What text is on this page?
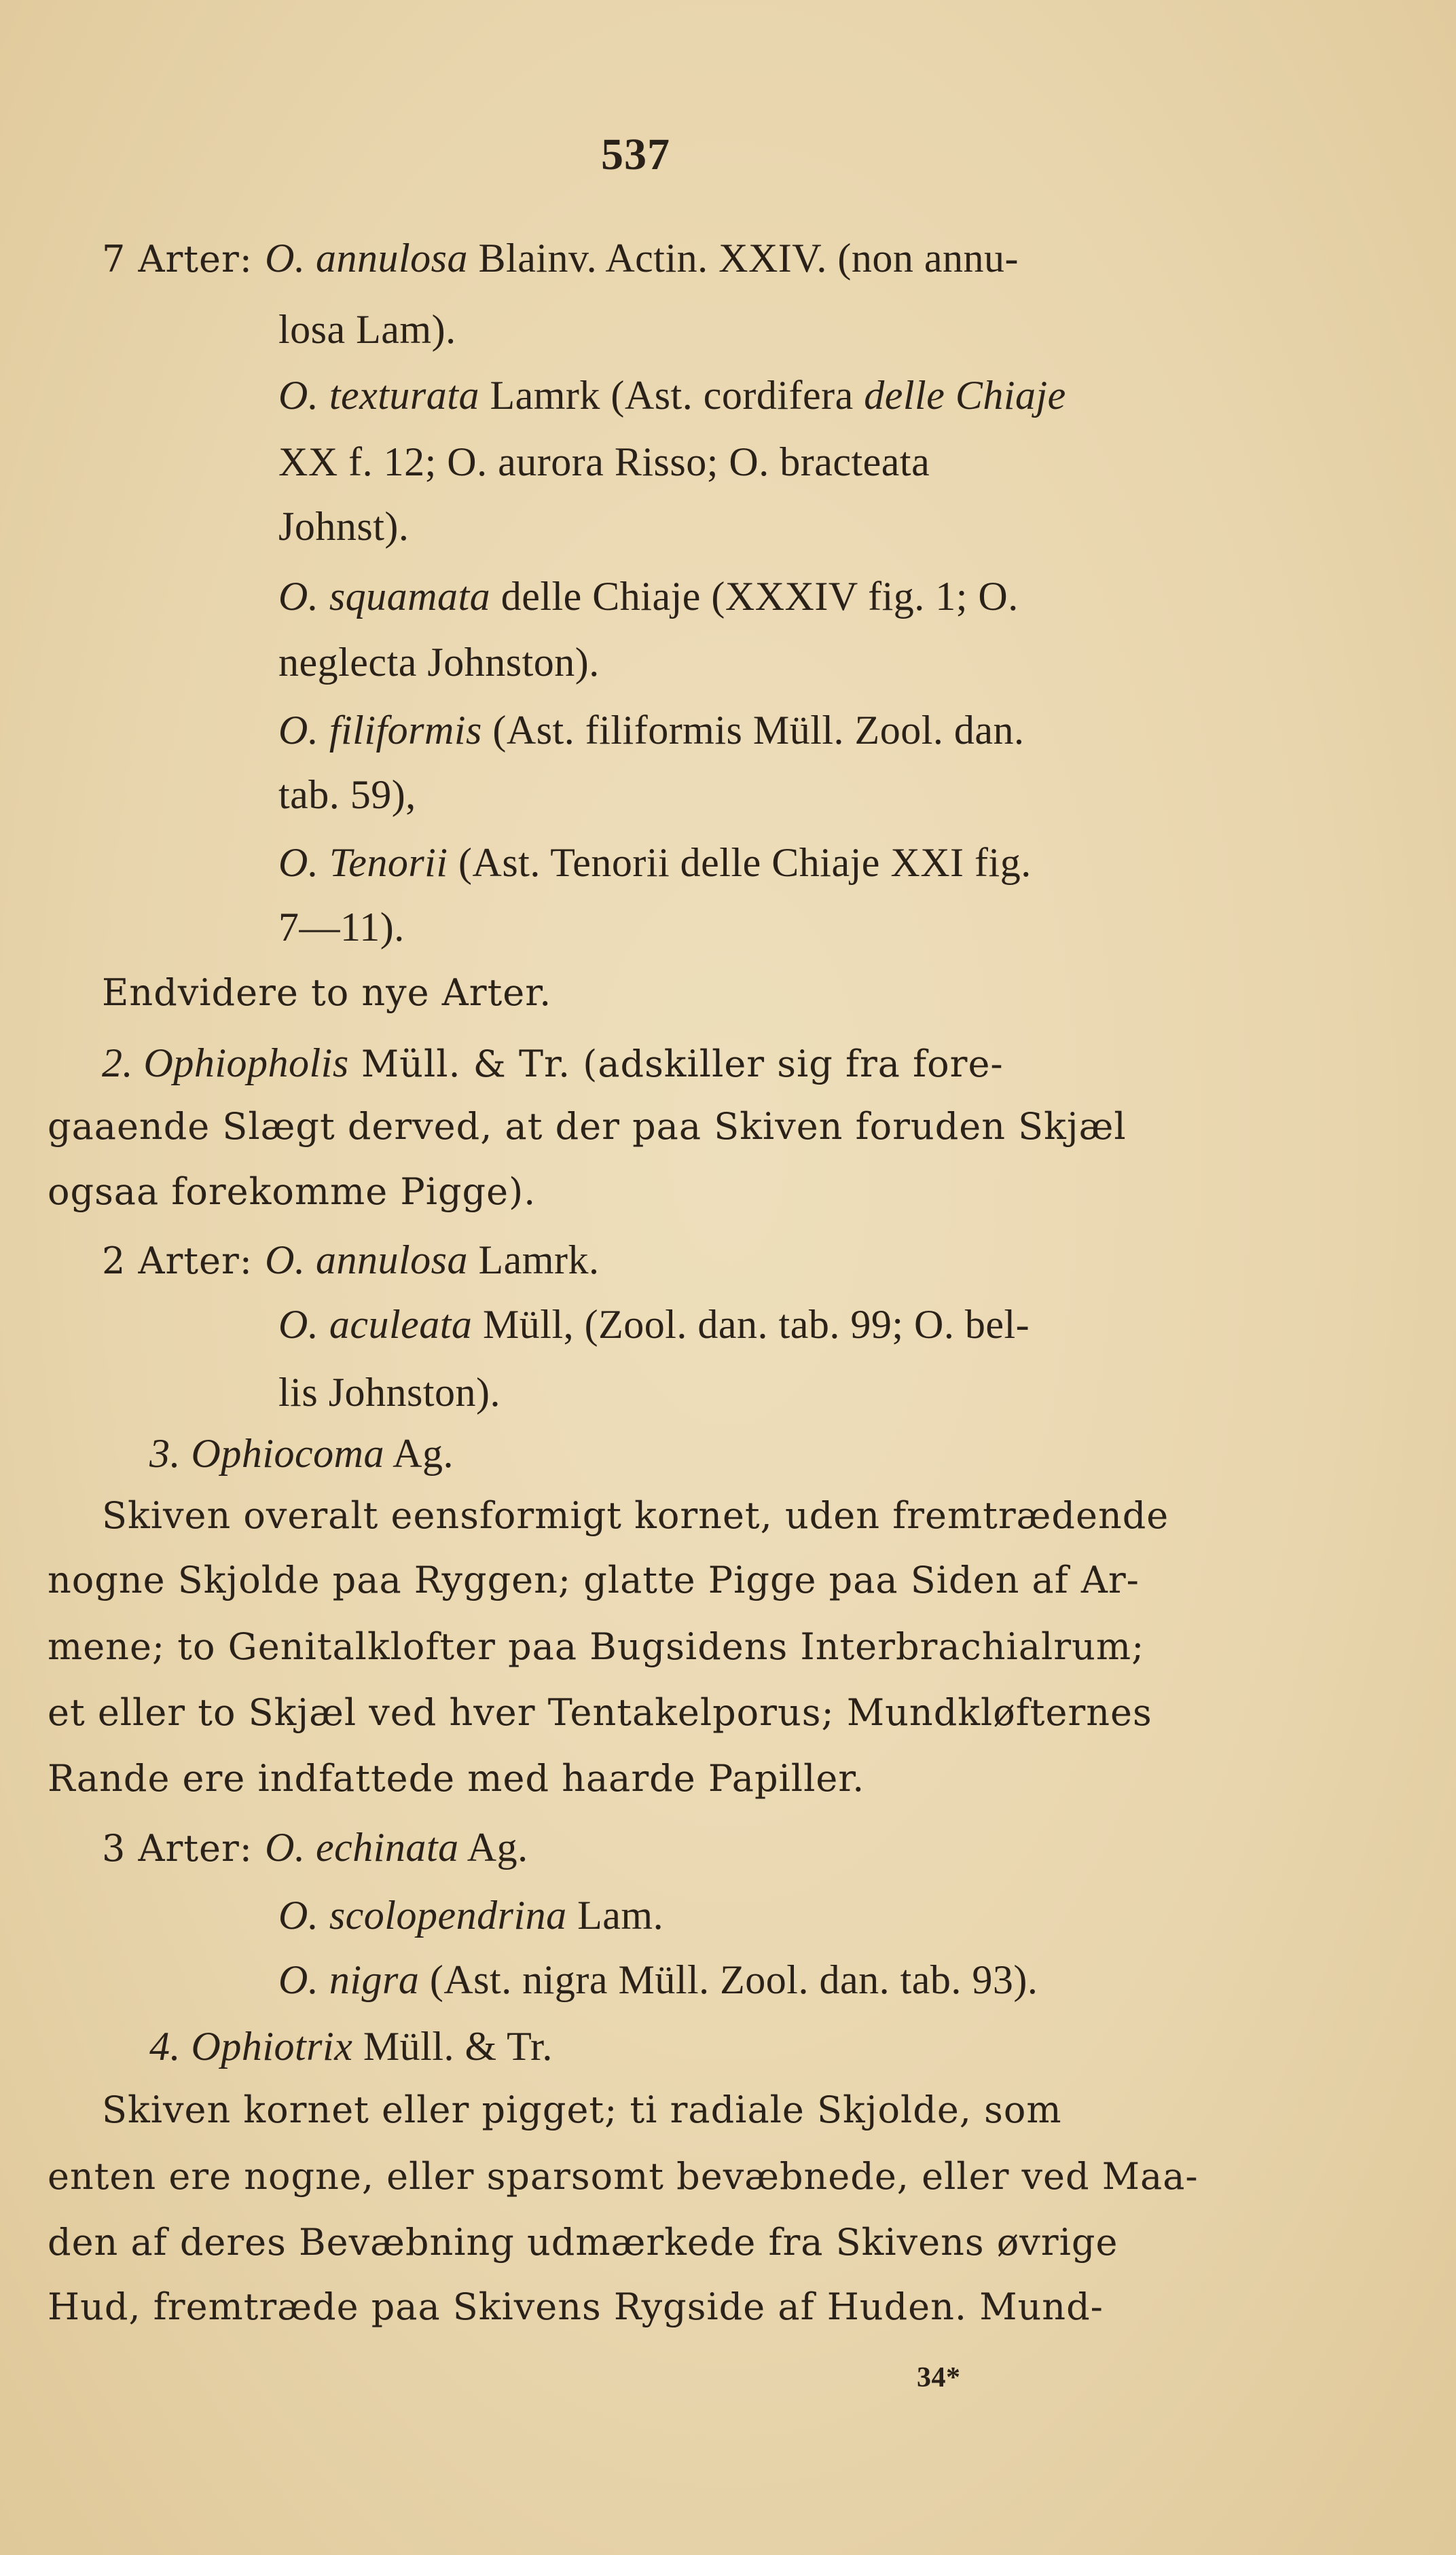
537
7 Arter: O. annulosa Blainv. Actin. XXIV. (non annu-
losa Lam).
O. texturata Lamrk (Ast. cordifera delle Chiaje
XX f. 12; O. aurora Risso; O. bracteata
Johnst).
O. squamata delle Chiaje (XXXIV fig. 1; O.
neglecta Johnston).
O. filiformis (Ast. filiformis Müll. Zool. dan.
tab. 59),
O. Tenorii (Ast. Tenorii delle Chiaje XXI fig.
7—11).
Endvidere to nye Arter.
2. Ophiopholis Müll. & Tr. (adskiller sig fra fore-
gaaende Slægt derved, at der paa Skiven foruden Skjæl
ogsaa forekomme Pigge).
2 Arter: O. annulosa Lamrk.
O. aculeata Müll, (Zool. dan. tab. 99; O. bel-
lis Johnston).
3. Ophiocoma Ag.
Skiven overalt eensformigt kornet, uden fremtrædende
nogne Skjolde paa Ryggen; glatte Pigge paa Siden af Ar-
mene; to Genitalklofter paa Bugsidens Interbrachialrum;
et eller to Skjæl ved hver Tentakelporus; Mundkløfternes
Rande ere indfattede med haarde Papiller.
3 Arter: O. echinata Ag.
O. scolopendrina Lam.
O. nigra (Ast. nigra Müll. Zool. dan. tab. 93).
4. Ophiotrix Müll. & Tr.
Skiven kornet eller pigget; ti radiale Skjolde, som
enten ere nogne, eller sparsomt bevæbnede, eller ved Maa-
den af deres Bevæbning udmærkede fra Skivens øvrige
Hud, fremtræde paa Skivens Rygside af Huden. Mund-
34*
